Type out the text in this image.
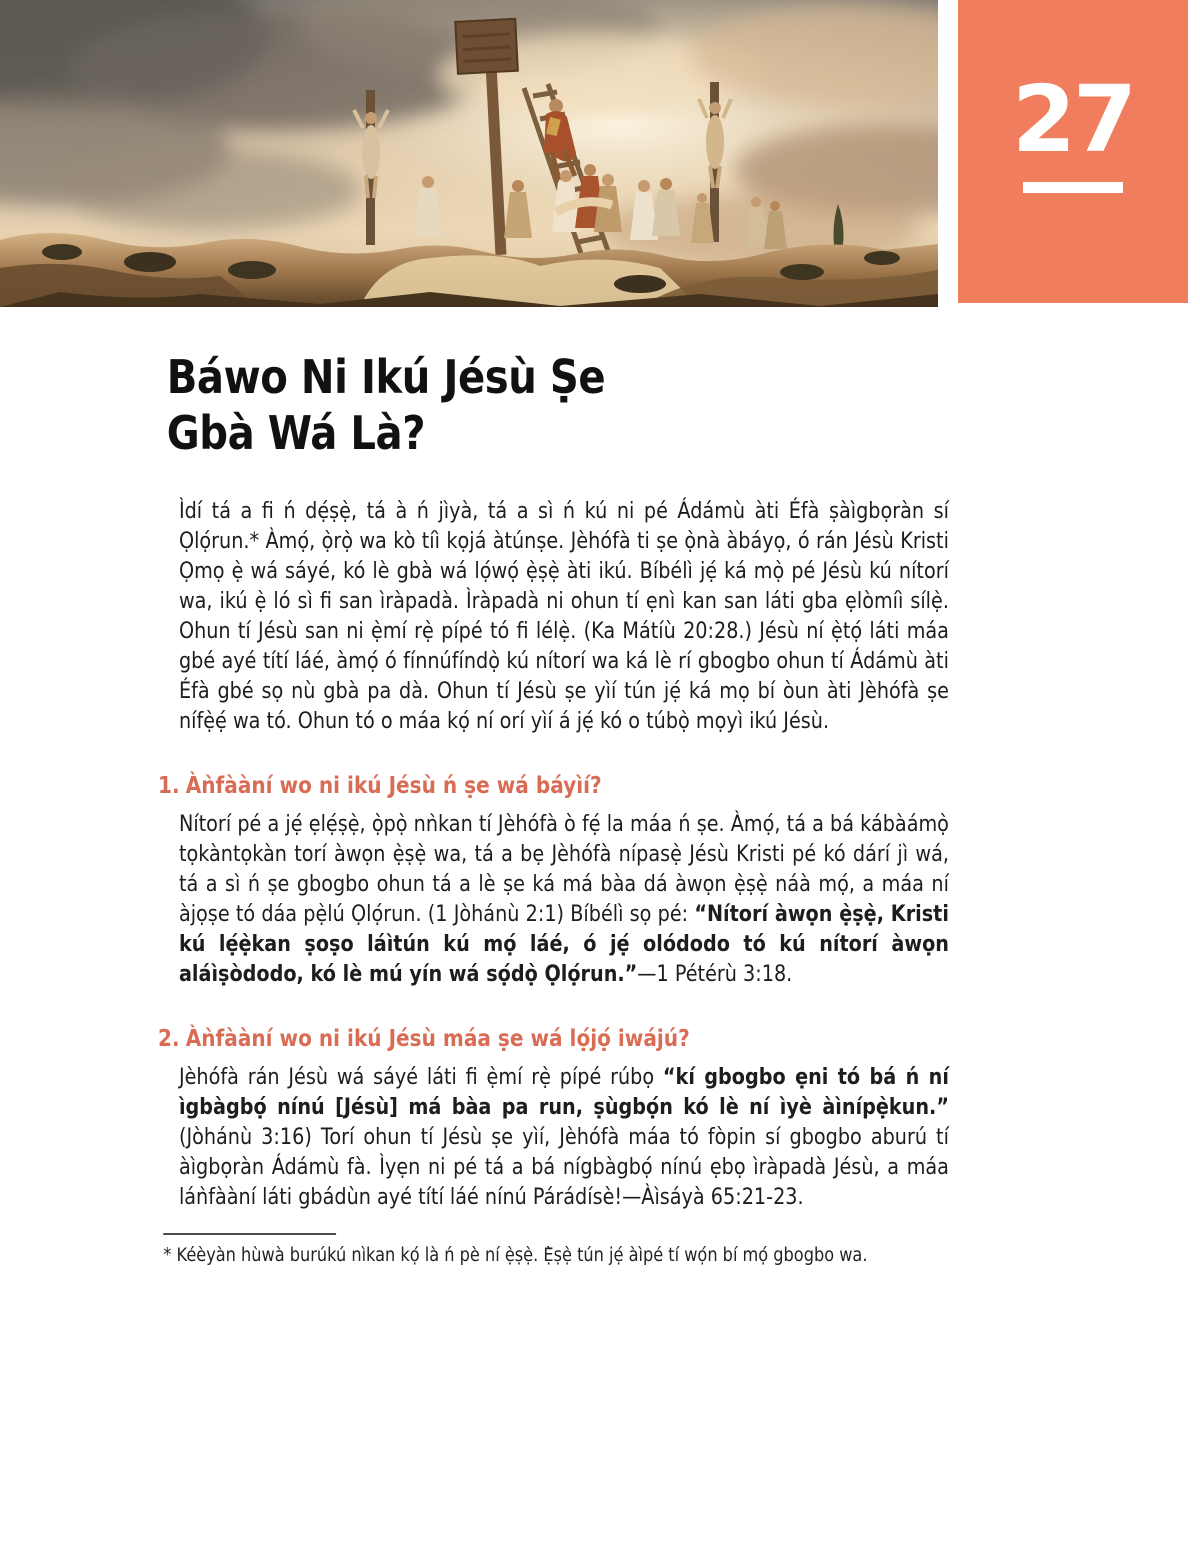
27
Báwo Ni Ikú Jésù Ṣe
Gbà Wá Là?

Ìdí tá a fi ń dẹ́ṣẹ̀, tá à ń jìyà, tá a sì ń kú ni pé Ádámù àti Éfà ṣàìgbọràn sí Ọlọ́run.* Àmọ́, ọ̀rọ̀ wa kò tíì kọjá àtúnṣe. Jèhófà ti ṣe ọ̀nà àbáyọ, ó rán Jésù Kristi Ọmọ ẹ̀ wá sáyé, kó lè gbà wá lọ́wọ́ ẹ̀ṣẹ̀ àti ikú. Bíbélì jẹ́ ká mọ̀ pé Jésù kú nítorí wa, ikú ẹ̀ ló sì fi san ìràpadà. Ìràpadà ni ohun tí ẹnì kan san láti gba ẹlòmíì sílẹ̀. Ohun tí Jésù san ni ẹ̀mí rẹ̀ pípé tó fi lélẹ̀. (Ka Mátíù 20:28.) Jésù ní ẹ̀tọ́ láti máa gbé ayé títí láé, àmọ́ ó fínnúfíndọ̀ kú nítorí wa ká lè rí gbogbo ohun tí Ádámù àti Éfà gbé sọ nù gbà pa dà. Ohun tí Jésù ṣe yìí tún jẹ́ ká mọ bí òun àti Jèhófà ṣe nífẹ̀ẹ́ wa tó. Ohun tó o máa kọ́ ní orí yìí á jẹ́ kó o túbọ̀ mọyì ikú Jésù.

1. Àǹfààní wo ni ikú Jésù ń ṣe wá báyìí?

Nítorí pé a jẹ́ ẹlẹ́ṣẹ̀, ọ̀pọ̀ nǹkan tí Jèhófà ò fẹ́ la máa ń ṣe. Àmọ́, tá a bá kábàámọ̀ tọkàntọkàn torí àwọn ẹ̀ṣẹ̀ wa, tá a bẹ Jèhófà nípasẹ̀ Jésù Kristi pé kó dárí jì wá, tá a sì ń ṣe gbogbo ohun tá a lè ṣe ká má bàa dá àwọn ẹ̀ṣẹ̀ náà mọ́, a máa ní àjọṣe tó dáa pẹ̀lú Ọlọ́run. (1 Jòhánù 2:1) Bíbélì sọ pé: “Nítorí àwọn ẹ̀ṣẹ̀, Kristi kú lẹ́ẹ̀kan ṣoṣo láìtún kú mọ́ láé, ó jẹ́ olódodo tó kú nítorí àwọn aláìṣòdodo, kó lè mú yín wá sọ́dọ̀ Ọlọ́run.”—1 Pétérù 3:18.

2. Àǹfààní wo ni ikú Jésù máa ṣe wá lọ́jọ́ iwájú?

Jèhófà rán Jésù wá sáyé láti fi ẹ̀mí rẹ̀ pípé rúbọ “kí gbogbo ẹni tó bá ń ní ìgbàgbọ́ nínú [Jésù] má bàa pa run, ṣùgbọ́n kó lè ní ìyè àìnípẹ̀kun.” (Jòhánù 3:16) Torí ohun tí Jésù ṣe yìí, Jèhófà máa tó fòpin sí gbogbo aburú tí àìgbọràn Ádámù fà. Ìyẹn ni pé tá a bá nígbàgbọ́ nínú ẹbọ ìràpadà Jésù, a máa láǹfààní láti gbádùn ayé títí láé nínú Párádísè!—Àìsáyà 65:21-23.

* Kéèyàn hùwà burúkú nìkan kọ́ là ń pè ní ẹ̀ṣẹ̀. Ẹ̀ṣẹ̀ tún jẹ́ àìpé tí wọ́n bí mọ́ gbogbo wa.
